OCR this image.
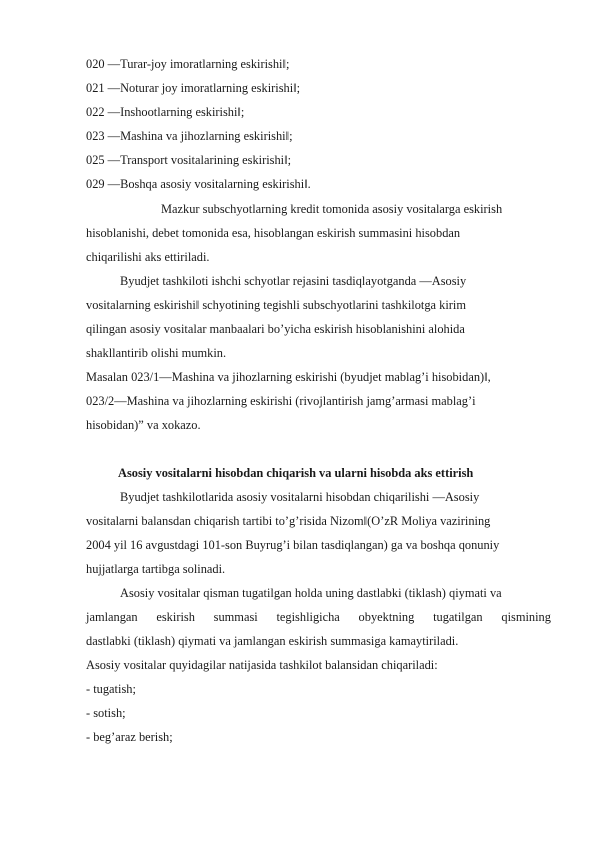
020 —Turar-joy imoratlarning eskirishi‖;
021 —Noturar joy imoratlarning eskirishi‖;
022 —Inshootlarning eskirishi‖;
023 —Mashina va jihozlarning eskirishi‖;
025 —Transport vositalarining eskirishi‖;
029 —Boshqa asosiy vositalarning eskirishi‖.
Mazkur subschyotlarning kredit tomonida asosiy vositalarga eskirish
hisoblanishi, debet tomonida esa, hisoblangan eskirish summasini hisobdan
chiqarilishi aks ettiriladi.
Byudjet tashkiloti ishchi schyotlar rejasini tasdiqlayotganda —Asosiy
vositalarning eskirishi‖ schyotining tegishli subschyotlarini tashkilotga kirim
qilingan asosiy vositalar manbaalari bo’yicha eskirish hisoblanishini alohida
shakllantirib olishi mumkin.
Masalan 023/1—Mashina va jihozlarning eskirishi (byudjet mablag’i hisobidan)‖,
023/2—Mashina va jihozlarning eskirishi (rivojlantirish jamg’armasi mablag’i
hisobidan)” va xokazo.
Asosiy vositalarni hisobdan chiqarish va ularni hisobda aks ettirish
Byudjet tashkilotlarida asosiy vositalarni hisobdan chiqarilishi —Asosiy
vositalarni balansdan chiqarish tartibi to’g’risida Nizom‖(O’zR Moliya vazirining
2004 yil 16 avgustdagi 101-son Buyrug’i bilan tasdiqlangan) ga va boshqa qonuniy
hujjatlarga tartibga solinadi.
Asosiy vositalar qisman tugatilgan holda uning dastlabki (tiklash) qiymati va
jamlangan eskirish summasi tegishligicha obyektning tugatilgan qismining
dastlabki (tiklash) qiymati va jamlangan eskirish summasiga kamaytiriladi.
Asosiy vositalar quyidagilar natijasida tashkilot balansidan chiqariladi:
- tugatish;
- sotish;
- beg’araz berish;
